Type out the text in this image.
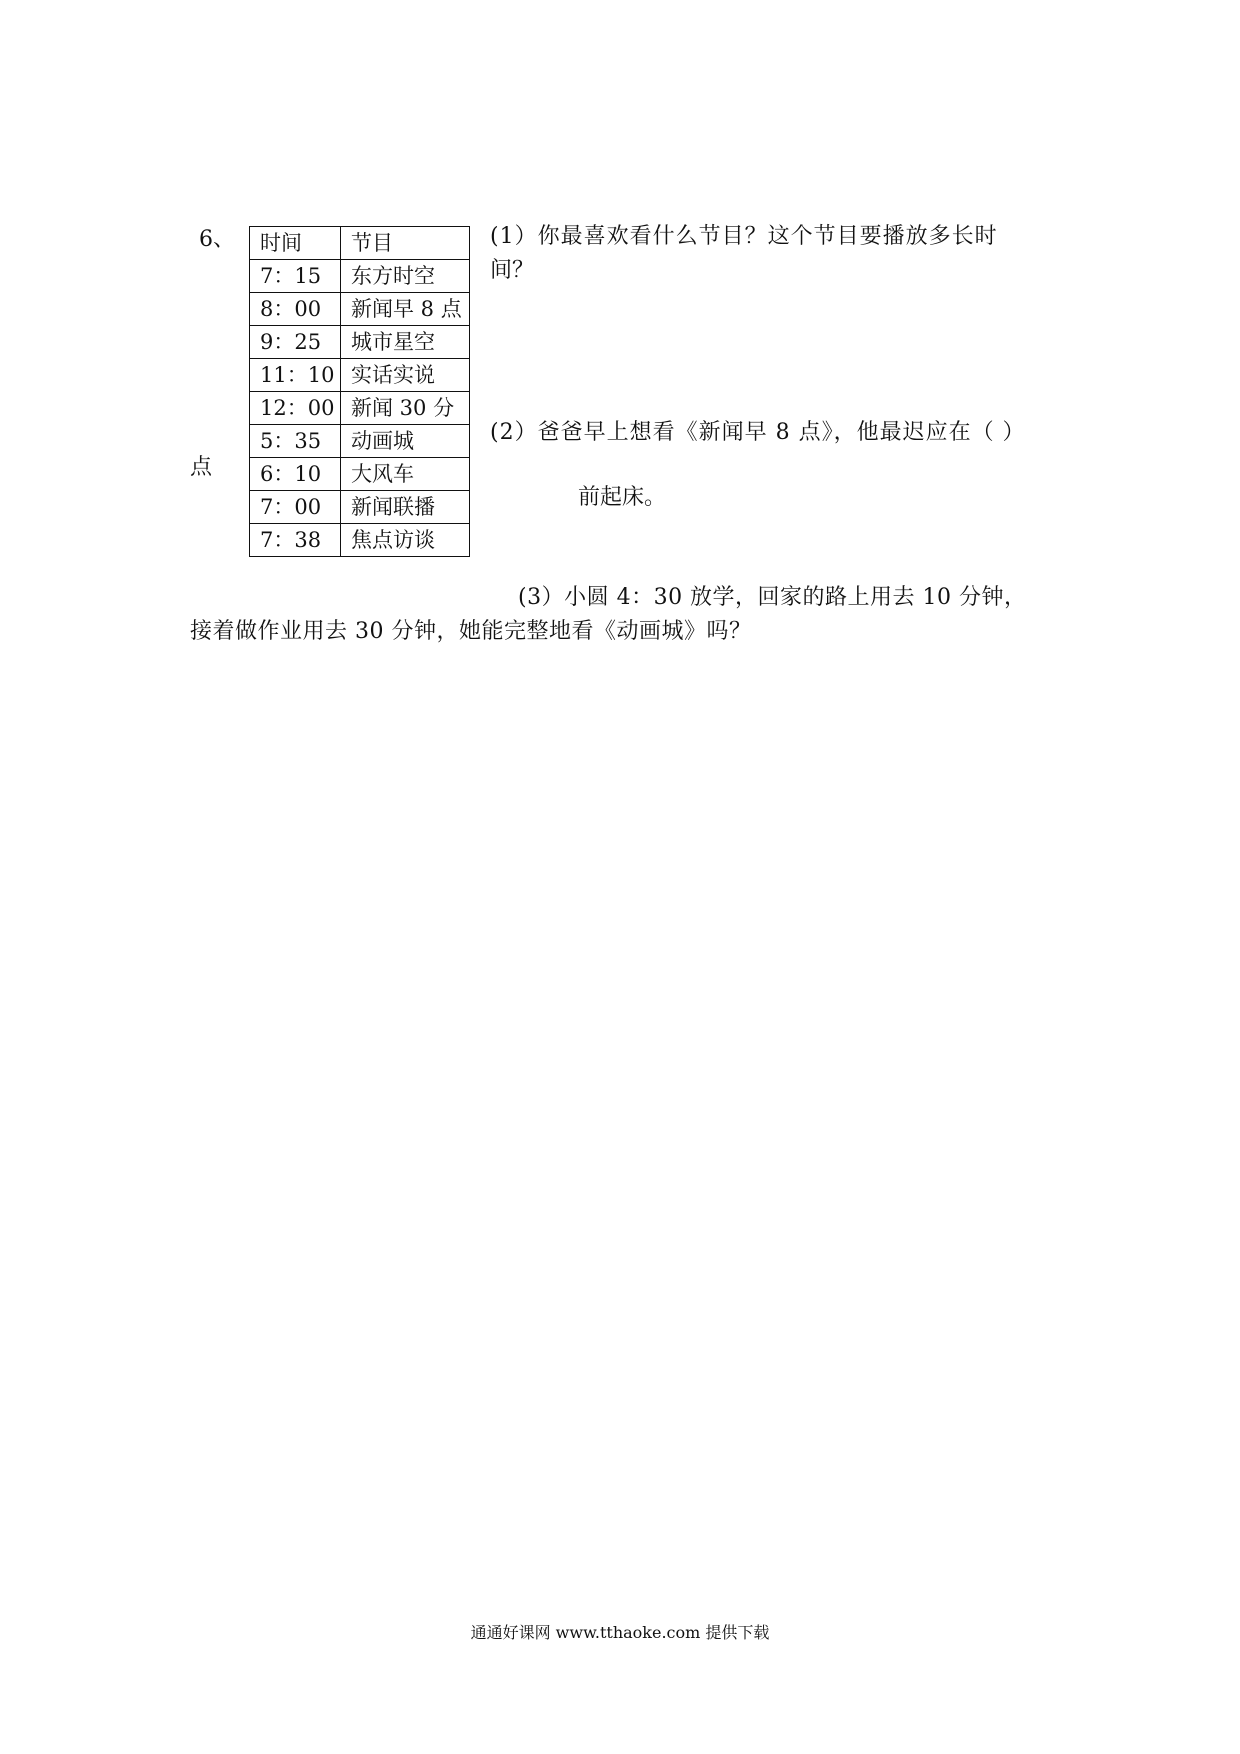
6、
点
时间	节目
7：15	东方时空
8：00	新闻早 8 点
9：25	城市星空
11：10	实话实说
12：00	新闻 30 分
5：35	动画城
6：10	大风车
7：00	新闻联播
7：38	焦点访谈
(1）你最喜欢看什么节目？这个节目要播放多长时
间？
(2）爸爸早上想看《新闻早 8 点》，他最迟应在（ ）
前起床。
(3）小圆 4：30 放学，回家的路上用去 10 分钟，
接着做作业用去 30 分钟，她能完整地看《动画城》吗？
通通好课网 www.tthaoke.com 提供下载
